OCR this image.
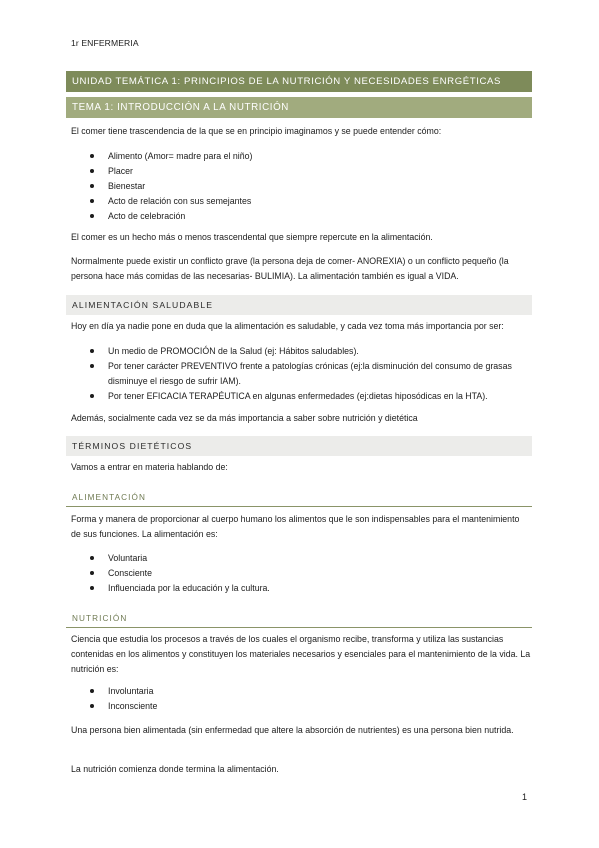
1r ENFERMERIA
UNIDAD TEMÁTICA 1: PRINCIPIOS DE LA NUTRICIÓN Y NECESIDADES ENRGÉTICAS
TEMA 1: INTRODUCCIÓN A LA NUTRICIÓN
El comer tiene trascendencia de la que se en principio imaginamos y se puede entender cómo:
Alimento (Amor= madre para el niño)
Placer
Bienestar
Acto de relación con sus semejantes
Acto de celebración
El comer es un hecho más o menos trascendental que siempre repercute en la alimentación.
Normalmente puede existir un conflicto grave (la persona deja de comer- ANOREXIA) o un conflicto pequeño (la persona hace más comidas de las necesarias- BULIMIA). La alimentación también es igual a VIDA.
ALIMENTACIÓN SALUDABLE
Hoy en día ya nadie pone en duda que la alimentación es saludable, y cada vez toma más importancia por ser:
Un medio de PROMOCIÓN de la Salud (ej: Hábitos saludables).
Por tener carácter PREVENTIVO frente a patologías crónicas (ej:la disminución del consumo de grasas disminuye el riesgo de sufrir IAM).
Por tener EFICACIA TERAPÉUTICA en algunas enfermedades (ej:dietas hiposódicas en la HTA).
Además, socialmente cada vez se da más importancia a saber sobre nutrición y dietética
TÉRMINOS DIETÉTICOS
Vamos a entrar en materia hablando de:
ALIMENTACIÓN
Forma y manera de proporcionar al cuerpo humano los alimentos que le son indispensables para el mantenimiento de sus funciones. La alimentación es:
Voluntaria
Consciente
Influenciada por la educación y la cultura.
NUTRICIÓN
Ciencia que estudia los procesos a través de los cuales el organismo recibe, transforma y utiliza las sustancias contenidas en los alimentos y constituyen los materiales necesarios y esenciales para el mantenimiento de la vida. La nutrición es:
Involuntaria
Inconsciente
Una persona bien alimentada (sin enfermedad que altere la absorción de nutrientes) es una persona bien nutrida.
La nutrición comienza donde termina la alimentación.
1
